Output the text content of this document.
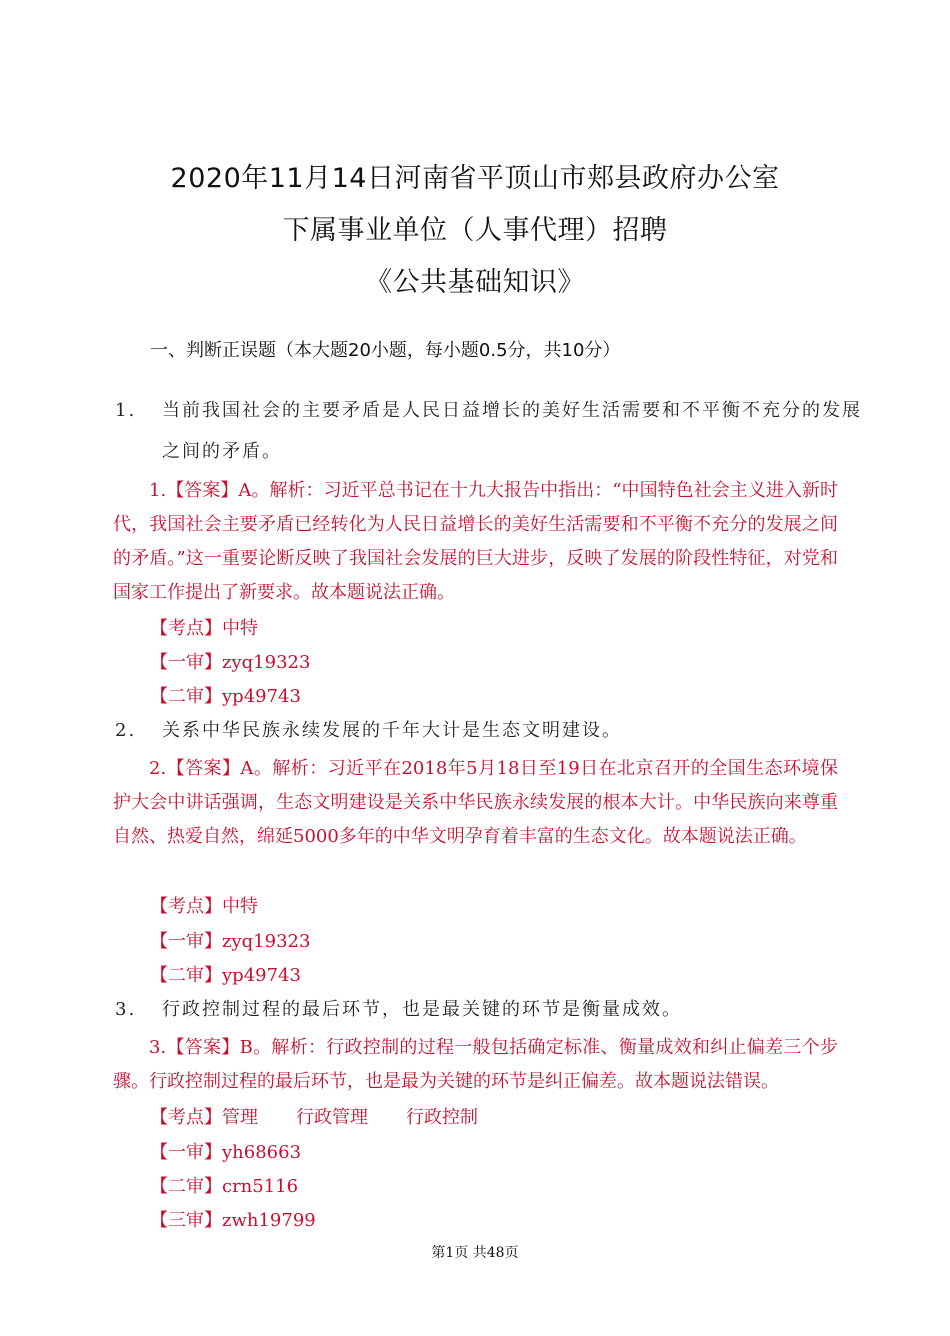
2020年11月14日河南省平顶山市郏县政府办公室
下属事业单位（人事代理）招聘
《公共基础知识》
一、判断正误题（本大题20小题，每小题0.5分，共10分）
1. 当前我国社会的主要矛盾是人民日益增长的美好生活需要和不平衡不充分的发展
之间的矛盾。
1.【答案】A。解析：习近平总书记在十九大报告中指出：“中国特色社会主义进入新时代，我国社会主要矛盾已经转化为人民日益增长的美好生活需要和不平衡不充分的发展之间的矛盾。”这一重要论断反映了我国社会发展的巨大进步，反映了发展的阶段性特征，对党和国家工作提出了新要求。故本题说法正确。
【考点】中特
【一审】zyq19323
【二审】yp49743
2. 关系中华民族永续发展的千年大计是生态文明建设。
2.【答案】A。解析：习近平在2018年5月18日至19日在北京召开的全国生态环境保护大会中讲话强调，生态文明建设是关系中华民族永续发展的根本大计。中华民族向来尊重自然、热爱自然，绵延5000多年的中华文明孕育着丰富的生态文化。故本题说法正确。
【考点】中特
【一审】zyq19323
【二审】yp49743
3. 行政控制过程的最后环节，也是最关键的环节是衡量成效。
3.【答案】B。解析：行政控制的过程一般包括确定标准、衡量成效和纠止偏差三个步骤。行政控制过程的最后环节，也是最为关键的环节是纠正偏差。故本题说法错误。
【考点】管理 行政管理 行政控制
【一审】yh68663
【二审】crn5116
【三审】zwh19799
第1页 共48页
